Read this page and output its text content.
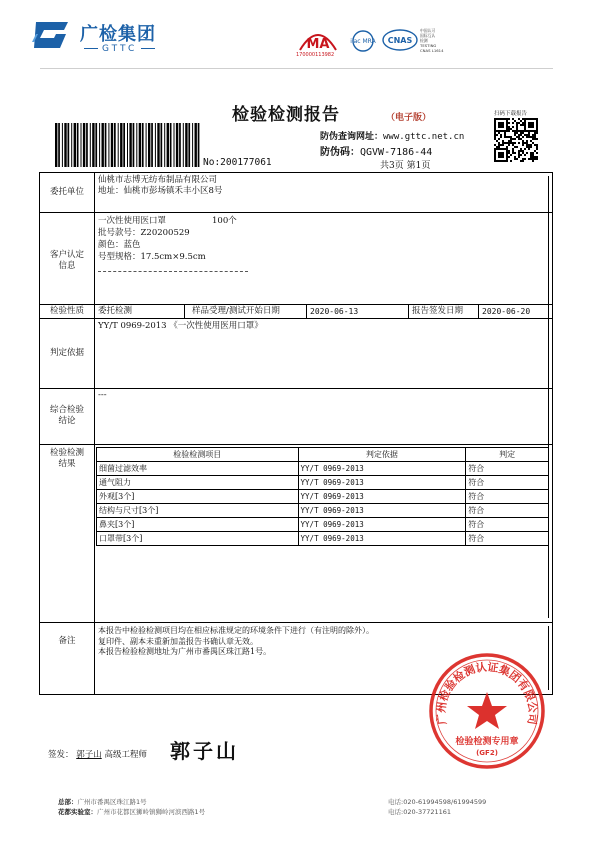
广检集团
GTTC	MA
170000113982
ilac MRA CNAS
中国认可
国际互认
检测
TESTING
CNAS L1614
检验检测报告	（电子版）	扫码下载报告
No:200177061
防伪查询网址：www.gttc.net.cn
防伪码：QGVW-7186-44
共3页 第1页
委托单位
仙桃市志博无纺布制品有限公司
地址：仙桃市彭场镇禾丰小区8号
客户认定
信息
一次性使用医口罩	100个
批号款号：Z20200529
颜色：蓝色
号型规格：17.5cm×9.5cm
检验性质	委托检测	样品受理/测试开始日期	2020-06-13	报告签发日期 2020-06-20
判定依据
YY/T 0969-2013 《一次性使用医用口罩》
综合检验
结论
---
检验检测
结果
检验检测项目	判定依据	判定
细菌过滤效率	YY/T 0969-2013	符合
通气阻力	YY/T 0969-2013	符合
外观[3个]	YY/T 0969-2013	符合
结构与尺寸[3个]	YY/T 0969-2013	符合
鼻夹[3个]	YY/T 0969-2013	符合
口罩带[3个]	YY/T 0969-2013	符合
备注
本报告中检验检测项目均在相应标准规定的环境条件下进行（有注明的除外）。
复印件、副本未重新加盖报告书确认章无效。
本报告检验检测地址为广州市番禺区珠江路1号。
广州检验检测认证集团有限公司
检验检测专用章
(GF2)
签发： 郭子山 高级工程师 郭子山
总部：广州市番禺区珠江路1号
花都实验室：广州市花都区狮岭镇狮岭河滨西路1号
电话:020-61994598/61994599
电话:020-37721161
